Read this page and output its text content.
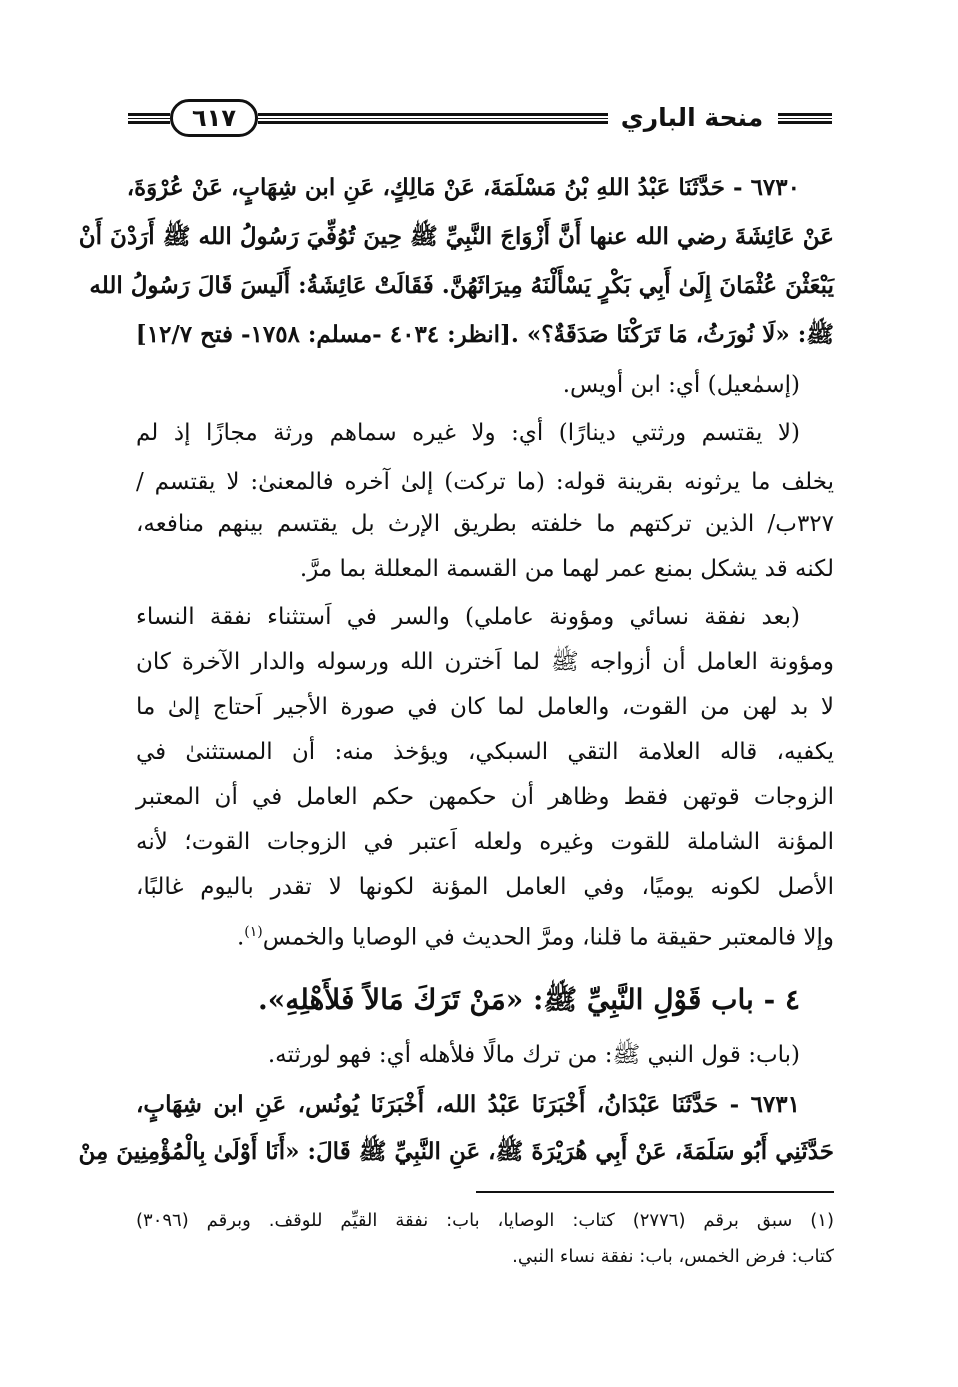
٦١٧	منحة الباري
٦٧٣٠ - حَدَّثَنَا عَبْدُ اللهِ بْنُ مَسْلَمَةَ، عَنْ مَالِكٍ، عَنِ ابن شِهَابٍ، عَنْ عُرْوَةَ،
عَنْ عَائِشَةَ رضي الله عنها أَنَّ أَزْوَاجَ النَّبِيِّ ﷺ حِينَ تُوُفِّيَ رَسُولُ الله ﷺ أَرَدْنَ أَنْ
يَبْعَثْنَ عُثْمَانَ إِلَىٰ أَبِي بَكْرٍ يَسْأَلْنَهُ مِيرَاثَهُنَّ. فَقَالَتْ عَائِشَةُ: أَلَيسَ قَالَ رَسُولُ الله
ﷺ: «لَا نُورَثُ، مَا تَرَكْنَا صَدَقَةٌ؟» .[انظر: ٤٠٣٤ -مسلم: ١٧٥٨- فتح ١٢/٧]
(إسمٰعيل) أي: ابن أويس.
(لا يقتسم ورثتي دينارًا) أي: ولا غيره سماهم ورثة مجازًا إذ لم
يخلف ما يرثونه بقرينة قوله: (ما تركت) إلىٰ آخره فالمعنىٰ: لا يقتسم /
٣٢٧ب/ الذين تركتهم ما خلفته بطريق الإرث بل يقتسم بينهم منافعه،
لكنه قد يشكل بمنع عمر لهما من القسمة المعللة بما مرَّ.
(بعد نفقة نسائي ومؤونة عاملي) والسر في اَستثناء نفقة النساء
ومؤونة العامل أن أزواجه ﷺ لما اَخترن الله ورسوله والدار الآخرة كان
لا بد لهن من القوت، والعامل لما كان في صورة الأجير اَحتاج إلىٰ ما
يكفيه، قاله العلامة التقي السبكي، ويؤخذ منه: أن المستثنىٰ في
الزوجات قوتهن فقط وظاهر أن حكمهن حكم العامل في أن المعتبر
المؤنة الشاملة للقوت وغيره ولعله اَعتبر في الزوجات القوت؛ لأنه
الأصل لكونه يوميًا، وفي العامل المؤنة لكونها لا تقدر باليوم غالبًا،
وإلا فالمعتبر حقيقة ما قلنا، ومرَّ الحديث في الوصايا والخمس$^{(١)}$.
٤ - باب قَوْلِ النَّبِيِّ ﷺ: «مَنْ تَرَكَ مَالاً فَلأَهْلِهِ».
(باب: قول النبي ﷺ: من ترك مالًا فلأهله أي: فهو لورثته.
٦٧٣١ - حَدَّثَنَا عَبْدَانُ، أَخْبَرَنَا عَبْدُ الله، أَخْبَرَنَا يُونُس، عَنِ ابن شِهَابٍ،
حَدَّثَنِي أَبُو سَلَمَةَ، عَنْ أَبِي هُرَيْرَةَ ﷺ، عَنِ النَّبِيِّ ﷺ قَالَ: «أَنَا أَوْلَىٰ بِالْمُؤْمِنِينَ مِنْ
(١) سبق برقم (٢٧٧٦) كتاب: الوصايا، باب: نفقة القيِّم للوقف. وبرقم (٣٠٩٦)
كتاب: فرض الخمس، باب: نفقة نساء النبي.
